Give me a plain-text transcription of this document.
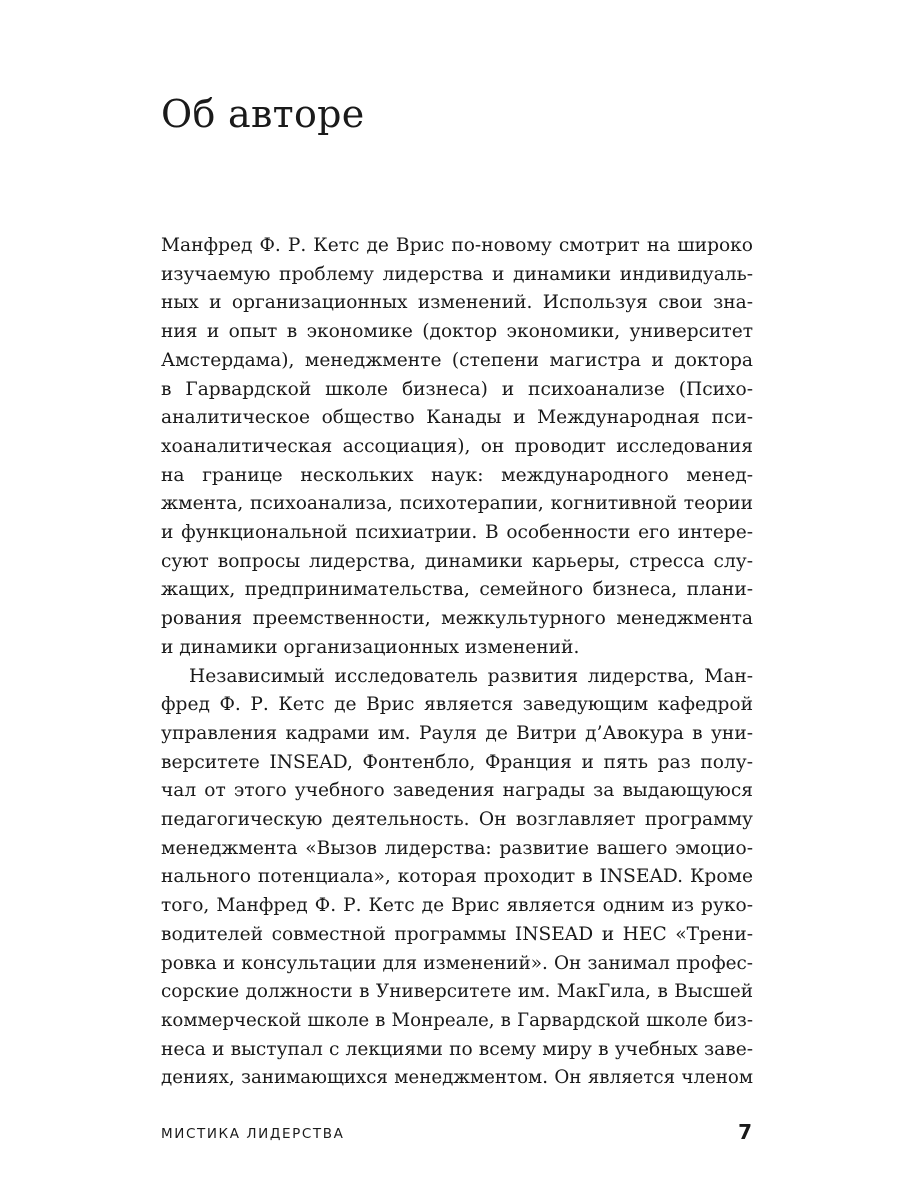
Об авторе
Манфред Ф. Р. Кетс де Врис по-новому смотрит на широко
изучаемую проблему лидерства и динамики индивидуаль-
ных и организационных изменений. Используя свои зна-
ния и опыт в экономике (доктор экономики, университет
Амстердама), менеджменте (степени магистра и доктора
в Гарвардской школе бизнеса) и психоанализе (Психо-
аналитическое общество Канады и Международная пси-
хоаналитическая ассоциация), он проводит исследования
на границе нескольких наук: международного менед-
жмента, психоанализа, психотерапии, когнитивной теории
и функциональной психиатрии. В особенности его интере-
суют вопросы лидерства, динамики карьеры, стресса слу-
жащих, предпринимательства, семейного бизнеса, плани-
рования преемственности, межкультурного менеджмента
и динамики организационных изменений.
Независимый исследователь развития лидерства, Ман-
фред Ф. Р. Кетс де Врис является заведующим кафедрой
управления кадрами им. Рауля де Витри д’Авокура в уни-
верситете INSEAD, Фонтенбло, Франция и пять раз полу-
чал от этого учебного заведения награды за выдающуюся
педагогическую деятельность. Он возглавляет программу
менеджмента «Вызов лидерства: развитие вашего эмоцио-
нального потенциала», которая проходит в INSEAD. Кроме
того, Манфред Ф. Р. Кетс де Врис является одним из руко-
водителей совместной программы INSEAD и HEC «Трени-
ровка и консультации для изменений». Он занимал профес-
сорские должности в Университете им. МакГила, в Высшей
коммерческой школе в Монреале, в Гарвардской школе биз-
неса и выступал с лекциями по всему миру в учебных заве-
дениях, занимающихся менеджментом. Он является членом
МИСТИКА ЛИДЕРСТВА	7
